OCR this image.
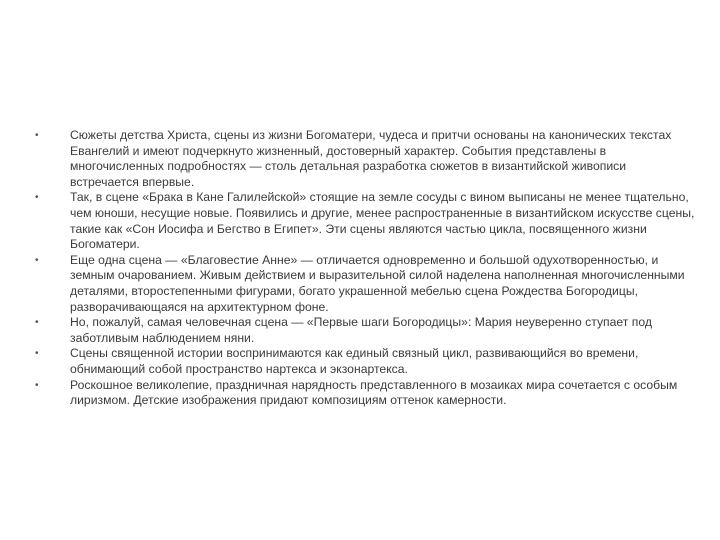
•	Сюжеты детства Христа, сцены из жизни Богоматери, чудеса и притчи основаны на канонических текстах Евангелий и имеют подчеркнуто жизненный, достоверный характер. События представлены в многочисленных подробностях — столь детальная разработка сюжетов в византийской живописи встречается впервые.
•	Так, в сцене «Брака в Кане Галилейской» стоящие на земле сосуды с вином выписаны не менее тщательно, чем юноши, несущие новые. Появились и другие, менее распространенные в византийском искусстве сцены, такие как «Сон Иосифа и Бегство в Египет». Эти сцены являются частью цикла, посвященного жизни Богоматери.
•	Еще одна сцена — «Благовестие Анне» — отличается одновременно и большой одухотворенностью, и земным очарованием. Живым действием и выразительной силой наделена наполненная многочисленными деталями, второстепенными фигурами, богато украшенной мебелью сцена Рождества Богородицы, разворачивающаяся на архитектурном фоне.
•	Но, пожалуй, самая человечная сцена — «Первые шаги Богородицы»: Мария неуверенно ступает под заботливым наблюдением няни.
•	Сцены священной истории воспринимаются как единый связный цикл, развивающийся во времени, обнимающий собой пространство нартекса и экзонартекса.
•	Роскошное великолепие, праздничная нарядность представленного в мозаиках мира сочетается с особым лиризмом. Детские изображения придают композициям оттенок камерности.
